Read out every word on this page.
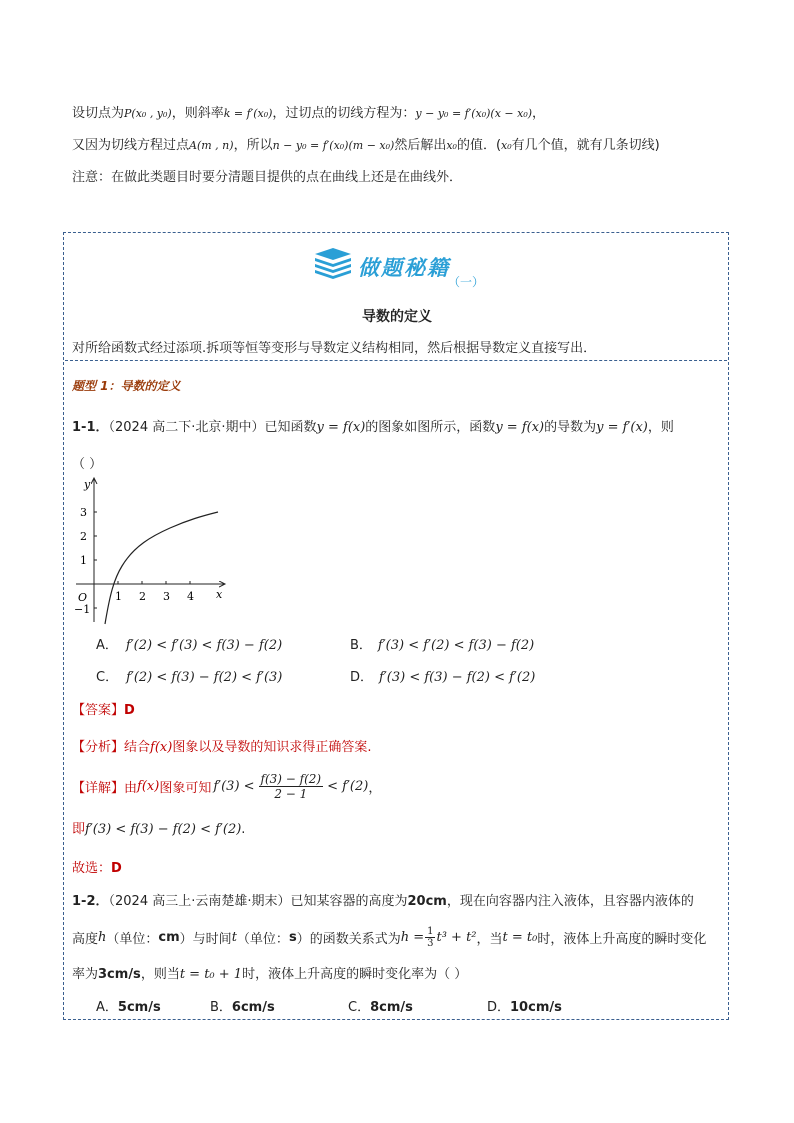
设切点为P(x₀ , y₀)，则斜率k = f′(x₀)，过切点的切线方程为：y − y₀ = f′(x₀)(x − x₀)，
又因为切线方程过点A(m , n)，所以n − y₀ = f′(x₀)(m − x₀)然后解出x₀的值．(x₀有几个值，就有几条切线)
注意：在做此类题目时要分清题目提供的点在曲线上还是在曲线外．
做题秘籍
（一）
导数的定义
对所给函数式经过添项.拆项等恒等变形与导数定义结构相同，然后根据导数定义直接写出．
题型 1：导数的定义
1-1．（2024 高二下·北京·期中）已知函数y = f(x)的图象如图所示，函数y = f(x)的导数为y = f′(x)，则
（ ）
y
x
O	1 2 3 4
3
2
1
−1
A． f′(2) < f′(3) < f(3) − f(2)	B． f′(3) < f′(2) < f(3) − f(2)
C． f′(2) < f(3) − f(2) < f′(3)	D． f′(3) < f(3) − f(2) < f′(2)
【答案】D
【分析】结合f(x)图象以及导数的知识求得正确答案.
【详解】 由 f(x) 图象可知 $f'(3) < \frac{f(3) - f(2)}{2 - 1} < f'(2)$ ，
即f′(3) < f(3) − f(2) < f′(2).
故选：D
1-2．（2024 高三上·云南楚雄·期末）已知某容器的高度为20cm，现在向容器内注入液体，且容器内液体的
高度 h （单位： cm ）与时间 t （单位： s ）的函数关系式为 $h = \frac{1}{3} t^3 + t^2$ ，当 t = t₀ 时，液体上升高度的瞬时变化
率为3cm/s，则当t = t₀ + 1时，液体上升高度的瞬时变化率为（ ）
A．5cm/s	B．6cm/s	C．8cm/s	D．10cm/s
